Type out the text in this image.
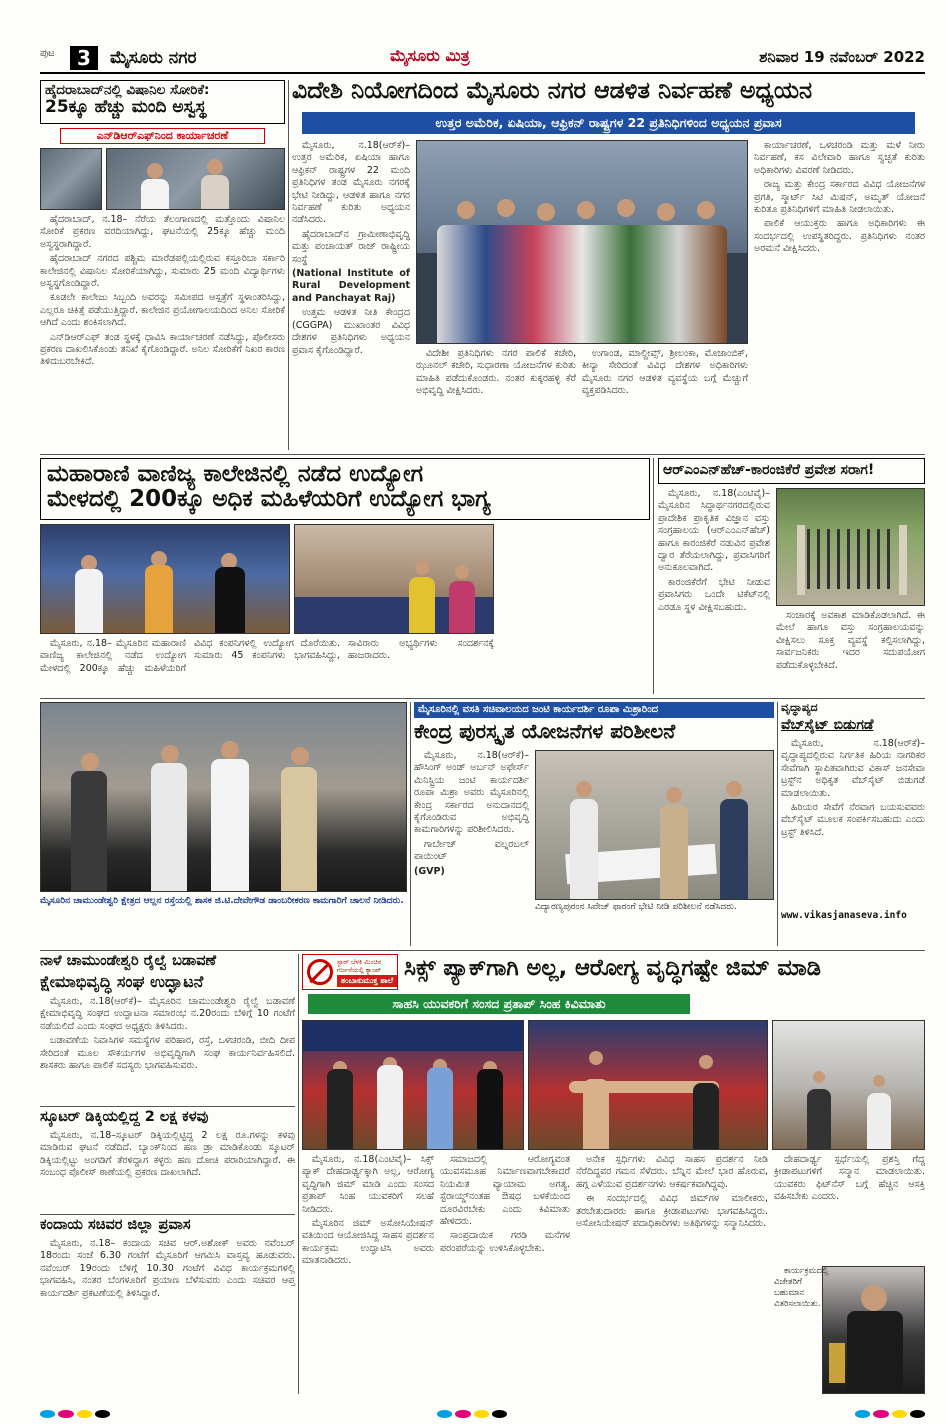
ಪುಟ	3	ಮೈಸೂರು ನಗರ	ಮೈಸೂರು ಮಿತ್ರ	ಶನಿವಾರ 19 ನವೆಂಬರ್ 2022
ಹೈದರಾಬಾದ್‌ನಲ್ಲಿ ವಿಷಾನಿಲ ಸೋರಿಕೆ:
25ಕ್ಕೂ ಹೆಚ್ಚು ಮಂದಿ ಅಸ್ವಸ್ಥ
ಎನ್‌ಡಿಆರ್‌ಎಫ್‌ನಿಂದ ಕಾರ್ಯಾಚರಣೆ

ಹೈದರಾಬಾದ್, ನ.18– ನೆರೆಯ ತೆಲಂಗಾಣದಲ್ಲಿ ಮತ್ತೊಂದು ವಿಷಾನಿಲ ಸೋರಿಕೆ ಪ್ರಕರಣ ವರದಿಯಾಗಿದ್ದು, ಘಟನೆಯಲ್ಲಿ 25ಕ್ಕೂ ಹೆಚ್ಚು ಮಂದಿ ಅಸ್ವಸ್ಥರಾಗಿದ್ದಾರೆ.

ಹೈದರಾಬಾದ್ ನಗರದ ಪಶ್ಚಿಮ ಮಾರೆಡಪಲ್ಲಿಯಲ್ಲಿರುವ ಕಸ್ತೂರಿಬಾ ಸರ್ಕಾರಿ ಕಾಲೇಜಿನಲ್ಲಿ ವಿಷಾನಿಲ ಸೋರಿಕೆಯಾಗಿದ್ದು, ಸುಮಾರು 25 ಮಂದಿ ವಿದ್ಯಾರ್ಥಿಗಳು ಅಸ್ವಸ್ಥಗೊಂಡಿದ್ದಾರೆ.

ಕೂಡಲೇ ಕಾಲೇಜು ಸಿಬ್ಬಂದಿ ಅವರನ್ನು ಸಮೀಪದ ಆಸ್ಪತ್ರೆಗೆ ಸ್ಥಳಾಂತರಿಸಿದ್ದು, ಎಲ್ಲರೂ ಚಿಕಿತ್ಸೆ ಪಡೆಯುತ್ತಿದ್ದಾರೆ. ಕಾಲೇಜಿನ ಪ್ರಯೋಗಾಲಯದಿಂದ ಅನಿಲ ಸೋರಿಕೆ ಆಗಿದೆ ಎಂದು ಶಂಕಿಸಲಾಗಿದೆ.

ಎನ್‌ಡಿಆರ್‌ಎಫ್ ತಂಡ ಸ್ಥಳಕ್ಕೆ ಧಾವಿಸಿ ಕಾರ್ಯಾಚರಣೆ ನಡೆಸಿದ್ದು, ಪೊಲೀಸರು ಪ್ರಕರಣ ದಾಖಲಿಸಿಕೊಂಡು ತನಿಖೆ ಕೈಗೊಂಡಿದ್ದಾರೆ. ಅನಿಲ ಸೋರಿಕೆಗೆ ನಿಖರ ಕಾರಣ ತಿಳಿದುಬರಬೇಕಿದೆ.

ವಿದೇಶಿ ನಿಯೋಗದಿಂದ ಮೈಸೂರು ನಗರ ಆಡಳಿತ ನಿರ್ವಹಣೆ ಅಧ್ಯಯನ
ಉತ್ತರ ಅಮೆರಿಕ, ಏಷಿಯಾ, ಆಫ್ರಿಕನ್ ರಾಷ್ಟ್ರಗಳ 22 ಪ್ರತಿನಿಧಿಗಳಿಂದ ಅಧ್ಯಯನ ಪ್ರವಾಸ

ಮೈಸೂರು, ನ.18(ಆರ್‌ಕೆ)– ಉತ್ತರ ಅಮೆರಿಕ, ಏಷಿಯಾ ಹಾಗೂ ಆಫ್ರಿಕನ್ ರಾಷ್ಟ್ರಗಳ 22 ಮಂದಿ ಪ್ರತಿನಿಧಿಗಳ ತಂಡ ಮೈಸೂರು ನಗರಕ್ಕೆ ಭೇಟಿ ನೀಡಿದ್ದು, ಆಡಳಿತ ಹಾಗೂ ನಗರ ನಿರ್ವಹಣೆ ಕುರಿತು ಅಧ್ಯಯನ ನಡೆಸಿದರು.

ಹೈದರಾಬಾದ್‌ನ ಗ್ರಾಮೀಣಾಭಿವೃದ್ಧಿ ಮತ್ತು ಪಂಚಾಯತ್ ರಾಜ್ ರಾಷ್ಟ್ರೀಯ ಸಂಸ್ಥೆ

(National Institute of Rural Development and Panchayat Raj)

ಉತ್ತಮ ಆಡಳಿತ ನೀತಿ ಕೇಂದ್ರದ (CGGPA) ಮುಖಾಂತರ ವಿವಿಧ ದೇಶಗಳ ಪ್ರತಿನಿಧಿಗಳು ಅಧ್ಯಯನ ಪ್ರವಾಸ ಕೈಗೊಂಡಿದ್ದಾರೆ.	ವಿದೇಶೀ ಪ್ರತಿನಿಧಿಗಳು ನಗರ ಪಾಲಿಕೆ ಕಚೇರಿ, ಝೂನಲ್ ಕಚೇರಿ, ಸುಧಾರಣಾ ಯೋಜನೆಗಳ ಕುರಿತು ಮಾಹಿತಿ ಪಡೆದುಕೊಂಡರು. ನಂತರ ಕುಕ್ಕರಹಳ್ಳಿ ಕೆರೆ ಅಭಿವೃದ್ಧಿ ವೀಕ್ಷಿಸಿದರು.

ಉಗಾಂಡ, ಮಾಲ್ದೀವ್ಸ್, ಶ್ರೀಲಂಕಾ, ಮೊಜಾಂಬಿಕ್, ಕೀನ್ಯಾ ಸೇರಿದಂತೆ ವಿವಿಧ ದೇಶಗಳ ಅಧಿಕಾರಿಗಳು ಮೈಸೂರು ನಗರ ಆಡಳಿತ ವ್ಯವಸ್ಥೆಯ ಬಗ್ಗೆ ಮೆಚ್ಚುಗೆ ವ್ಯಕ್ತಪಡಿಸಿದರು.

ಕಾರ್ಯಾಚರಣೆ, ಒಳಚರಂಡಿ ಮತ್ತು ಮಳೆ ನೀರು ನಿರ್ವಹಣೆ, ಕಸ ವಿಲೇವಾರಿ ಹಾಗೂ ಸ್ವಚ್ಛತೆ ಕುರಿತು ಅಧಿಕಾರಿಗಳು ವಿವರಣೆ ನೀಡಿದರು.

ರಾಜ್ಯ ಮತ್ತು ಕೇಂದ್ರ ಸರ್ಕಾರದ ವಿವಿಧ ಯೋಜನೆಗಳ ಪ್ರಗತಿ, ಸ್ಮಾರ್ಟ್ ಸಿಟಿ ಮಿಷನ್, ಅಮೃತ್ ಯೋಜನೆ ಕುರಿತೂ ಪ್ರತಿನಿಧಿಗಳಿಗೆ ಮಾಹಿತಿ ನೀಡಲಾಯಿತು.

ಪಾಲಿಕೆ ಆಯುಕ್ತರು ಹಾಗೂ ಅಧಿಕಾರಿಗಳು ಈ ಸಂದರ್ಭದಲ್ಲಿ ಉಪಸ್ಥಿತರಿದ್ದರು. ಪ್ರತಿನಿಧಿಗಳು ನಂತರ ಅರಮನೆ ವೀಕ್ಷಿಸಿದರು.

ಮಹಾರಾಣಿ ವಾಣಿಜ್ಯ ಕಾಲೇಜಿನಲ್ಲಿ ನಡೆದ ಉದ್ಯೋಗ
ಮೇಳದಲ್ಲಿ 200ಕ್ಕೂ ಅಧಿಕ ಮಹಿಳೆಯರಿಗೆ ಉದ್ಯೋಗ ಭಾಗ್ಯ

ಮೈಸೂರು, ನ.18– ಮೈಸೂರಿನ ಮಹಾರಾಣಿ ವಾಣಿಜ್ಯ ಕಾಲೇಜಿನಲ್ಲಿ ನಡೆದ ಉದ್ಯೋಗ ಮೇಳದಲ್ಲಿ 200ಕ್ಕೂ ಹೆಚ್ಚು ಮಹಿಳೆಯರಿಗೆ ವಿವಿಧ ಕಂಪನಿಗಳಲ್ಲಿ ಉದ್ಯೋಗ ದೊರೆಯಿತು. ಸುಮಾರು 45 ಕಂಪನಿಗಳು ಭಾಗವಹಿಸಿದ್ದು, ಸಾವಿರಾರು ಅಭ್ಯರ್ಥಿಗಳು ಸಂದರ್ಶನಕ್ಕೆ ಹಾಜರಾದರು.

ಆರ್‌ಎಂಎನ್‌ಹೆಚ್-ಕಾರಂಜಿಕೆರೆ ಪ್ರವೇಶ ಸರಾಗ!

ಮೈಸೂರು, ನ.18(ಎಂಟಿವೈ)– ಮೈಸೂರಿನ ಸಿದ್ಧಾರ್ಥನಗರದಲ್ಲಿರುವ ಪ್ರಾದೇಶಿಕ ಪ್ರಾಕೃತಿಕ ವಿಜ್ಞಾನ ವಸ್ತು ಸಂಗ್ರಹಾಲಯ (ಆರ್‌ಎಂಎನ್‌ಹೆಚ್) ಹಾಗೂ ಕಾರಂಜಿಕೆರೆ ನಡುವಿನ ಪ್ರವೇಶ ದ್ವಾರ ತೆರೆಯಲಾಗಿದ್ದು, ಪ್ರವಾಸಿಗರಿಗೆ ಅನುಕೂಲವಾಗಿದೆ.

ಕಾರಂಜಿಕೆರೆಗೆ ಭೇಟಿ ನೀಡುವ ಪ್ರವಾಸಿಗರು ಒಂದೇ ಟಿಕೆಟ್‌ನಲ್ಲಿ ಎರಡೂ ಸ್ಥಳ ವೀಕ್ಷಿಸಬಹುದು.

ಸಂಚಾರಕ್ಕೆ ಅವಕಾಶ ಮಾಡಿಕೊಡಲಾಗಿದೆ. ಈ ಮೇಲೆ ಹಾಗೂ ವಸ್ತು ಸಂಗ್ರಹಾಲಯವನ್ನು ವೀಕ್ಷಿಸಲು ಸೂಕ್ತ ವ್ಯವಸ್ಥೆ ಕಲ್ಪಿಸಲಾಗಿದ್ದು, ಸಾರ್ವಜನಿಕರು ಇದರ ಸದುಪಯೋಗ ಪಡೆದುಕೊಳ್ಳಬೇಕಿದೆ.

ಮೈಸೂರಿನ ಚಾಮುಂಡೇಶ್ವರಿ ಕ್ಷೇತ್ರದ ಆಲ್ಲನ ರಸ್ತೆಯಲ್ಲಿ ಶಾಸಕ ಜಿ.ಟಿ.ದೇವೇಗೌಡ ಡಾಂಬರೀಕರಣ ಕಾಮಗಾರಿಗೆ ಚಾಲನೆ ನೀಡಿದರು.
ಮೈಸೂರಿನಲ್ಲಿ ವಸತಿ ಸಚಿವಾಲಯದ ಜಂಟಿ ಕಾರ್ಯದರ್ಶಿ ರೂಪಾ ಮಿಶ್ರಾರಿಂದ
ಕೇಂದ್ರ ಪುರಸ್ಕೃತ ಯೋಜನೆಗಳ ಪರಿಶೀಲನೆ

ಮೈಸೂರು, ನ.18(ಆರ್‌ಕೆ)– ಹೌಸಿಂಗ್ ಅಂಡ್ ಅರ್ಬನ್ ಅಫೇರ್ಸ್ ಮಿನಿಸ್ಟ್ರಿಯ ಜಂಟಿ ಕಾರ್ಯದರ್ಶಿ ರೂಪಾ ಮಿಶ್ರಾ ಅವರು ಮೈಸೂರಿನಲ್ಲಿ ಕೇಂದ್ರ ಸರ್ಕಾರದ ಅನುದಾನದಲ್ಲಿ ಕೈಗೊಂಡಿರುವ ಅಭಿವೃದ್ಧಿ ಕಾಮಗಾರಿಗಳನ್ನು ಪರಿಶೀಲಿಸಿದರು.

ಗಾರ್ಬೇಜ್ ವಲ್ನರಬಲ್ ಪಾಯಿಂಟ್

(GVP)

ವಿದ್ಯಾರಣ್ಯಪುರಂನ ಸಿವೇಜ್ ಫಾರಂಗೆ ಭೇಟಿ ನೀಡಿ ಪರಿಶೀಲನೆ ನಡೆಸಿದರು.
ವೃದ್ಧಾಪ್ಯದ
ವೆಬ್‌ಸೈಟ್ ಬಿಡುಗಡೆ

ಮೈಸೂರು, ನ.18(ಆರ್‌ಕೆ)– ವೃದ್ಧಾಪ್ಯದಲ್ಲಿರುವ ನಿರ್ಗತಿಕ ಹಿರಿಯ ನಾಗರಿಕರ ಸೇವೆಗಾಗಿ ಸ್ಥಾಪಿತವಾಗಿರುವ ವಿಕಾಸ್ ಜನಸೇವಾ ಟ್ರಸ್ಟ್‌ನ ಅಧಿಕೃತ ವೆಬ್‌ಸೈಟ್ ಬಿಡುಗಡೆ ಮಾಡಲಾಯಿತು.

ಹಿರಿಯರ ಸೇವೆಗೆ ನೆರವಾಗ ಬಯಸುವವರು ವೆಬ್‌ಸೈಟ್ ಮೂಲಕ ಸಂಪರ್ಕಿಸಬಹುದು ಎಂದು ಟ್ರಸ್ಟ್ ತಿಳಿಸಿದೆ.

www.vikasjanaseva.info
ನಾಳೆ ಚಾಮುಂಡೇಶ್ವರಿ ರೈಲ್ವೆ ಬಡಾವಣೆ
ಕ್ಷೇಮಾಭಿವೃದ್ಧಿ ಸಂಘ ಉದ್ಘಾಟನೆ

ಮೈಸೂರು, ನ.18(ಆರ್‌ಕೆ)– ಮೈಸೂರಿನ ಚಾಮುಂಡೇಶ್ವರಿ ರೈಲ್ವೆ ಬಡಾವಣೆ ಕ್ಷೇಮಾಭಿವೃದ್ಧಿ ಸಂಘದ ಉದ್ಘಾಟನಾ ಸಮಾರಂಭ ನ.20ರಂದು ಬೆಳಿಗ್ಗೆ 10 ಗಂಟೆಗೆ ನಡೆಯಲಿದೆ ಎಂದು ಸಂಘದ ಅಧ್ಯಕ್ಷರು ತಿಳಿಸಿದರು.

ಬಡಾವಣೆಯ ನಿವಾಸಿಗಳ ಸಮಸ್ಯೆಗಳ ಪರಿಹಾರ, ರಸ್ತೆ, ಒಳಚರಂಡಿ, ಬೀದಿ ದೀಪ ಸೇರಿದಂತೆ ಮೂಲ ಸೌಕರ್ಯಗಳ ಅಭಿವೃದ್ಧಿಗಾಗಿ ಸಂಘ ಕಾರ್ಯನಿರ್ವಹಿಸಲಿದೆ. ಶಾಸಕರು ಹಾಗೂ ಪಾಲಿಕೆ ಸದಸ್ಯರು ಭಾಗವಹಿಸುವರು.

ಸ್ಕೂಟರ್ ಡಿಕ್ಕಿಯಲ್ಲಿದ್ದ 2 ಲಕ್ಷ ಕಳವು

ಮೈಸೂರು, ನ.18–ಸ್ಕೂಟರ್ ಡಿಕ್ಕಿಯಲ್ಲಿಟ್ಟಿದ್ದ 2 ಲಕ್ಷ ರೂ.ಗಳನ್ನು ಕಳವು ಮಾಡಿರುವ ಘಟನೆ ನಡೆದಿದೆ. ಬ್ಯಾಂಕ್‌ನಿಂದ ಹಣ ಡ್ರಾ ಮಾಡಿಕೊಂಡು ಸ್ಕೂಟರ್ ಡಿಕ್ಕಿಯಲ್ಲಿಟ್ಟು ಅಂಗಡಿಗೆ ತೆರಳಿದ್ದಾಗ ಕಳ್ಳರು ಹಣ ದೋಚಿ ಪರಾರಿಯಾಗಿದ್ದಾರೆ. ಈ ಸಂಬಂಧ ಪೊಲೀಸ್ ಠಾಣೆಯಲ್ಲಿ ಪ್ರಕರಣ ದಾಖಲಾಗಿದೆ.

ಕಂದಾಯ ಸಚಿವರ ಜಿಲ್ಲಾ ಪ್ರವಾಸ

ಮೈಸೂರು, ನ.18– ಕಂದಾಯ ಸಚಿವ ಆರ್.ಅಶೋಕ್ ಅವರು ನವೆಂಬರ್ 18ರಂದು ಸಂಜೆ 6.30 ಗಂಟೆಗೆ ಮೈಸೂರಿಗೆ ಆಗಮಿಸಿ ವಾಸ್ತವ್ಯ ಹೂಡುವರು. ನವೆಂಬರ್ 19ರಂದು ಬೆಳಿಗ್ಗೆ 10.30 ಗಂಟೆಗೆ ವಿವಿಧ ಕಾರ್ಯಕ್ರಮಗಳಲ್ಲಿ ಭಾಗವಹಿಸಿ, ನಂತರ ಬೆಂಗಳೂರಿಗೆ ಪ್ರಯಾಣ ಬೆಳೆಸುವರು ಎಂದು ಸಚಿವರ ಆಪ್ತ ಕಾರ್ಯದರ್ಶಿ ಪ್ರಕಟಣೆಯಲ್ಲಿ ತಿಳಿಸಿದ್ದಾರೆ.

ಸ್ಟಾರ್ ಬೆಳಕಿ ಮಿಂಚಿನ ಗರ್ಜನೆಯಲ್ಲಿ ಕ್ಯಾಂಪ್
ತಂಬಾಕುಮುಕ್ತ ಶಾಲೆ ಸಿಕ್ಸ್ ಪ್ಯಾಕ್‌ಗಾಗಿ ಅಲ್ಲ, ಆರೋಗ್ಯ ವೃದ್ಧಿಗಷ್ಟೇ ಜಿಮ್ ಮಾಡಿ
ಸಾಹಸಿ ಯುವಕರಿಗೆ ಸಂಸದ ಪ್ರತಾಪ್ ಸಿಂಹ ಕಿವಿಮಾತು

ಮೈಸೂರು, ನ.18(ಎಂಟಿವೈ)– ಸಿಕ್ಸ್ ಪ್ಯಾಕ್ ದೇಹದಾರ್ಢ್ಯಕ್ಕಾಗಿ ಅಲ್ಲ, ಆರೋಗ್ಯ ವೃದ್ಧಿಗಾಗಿ ಜಿಮ್ ಮಾಡಿ ಎಂದು ಸಂಸದ ಪ್ರತಾಪ್ ಸಿಂಹ ಯುವಕರಿಗೆ ಸಲಹೆ ನೀಡಿದರು.

ಮೈಸೂರಿನ ಜಿಮ್ ಅಸೋಸಿಯೇಷನ್ ವತಿಯಿಂದ ಆಯೋಜಿಸಿದ್ದ ಸಾಹಸ ಪ್ರದರ್ಶನ ಕಾರ್ಯಕ್ರಮ ಉದ್ಘಾಟಿಸಿ ಅವರು ಮಾತನಾಡಿದರು.

ಸಮಾಜದಲ್ಲಿ ಆರೋಗ್ಯವಂತ ಯುವಸಮೂಹ ನಿರ್ಮಾಣವಾಗಬೇಕಾದರೆ ನಿಯಮಿತ ವ್ಯಾಯಾಮ ಅಗತ್ಯ. ಸ್ಟೆರಾಯ್ಡ್‌ನಂತಹ ಔಷಧ ಬಳಕೆಯಿಂದ ದೂರವಿರಬೇಕು ಎಂದು ಕಿವಿಮಾತು ಹೇಳಿದರು.

ಸಾಂಪ್ರದಾಯಿಕ ಗರಡಿ ಮನೆಗಳ ಪರಂಪರೆಯನ್ನು ಉಳಿಸಿಕೊಳ್ಳಬೇಕು.

ಅನೇಕ ಸ್ಪರ್ಧಿಗಳು ವಿವಿಧ ಸಾಹಸ ಪ್ರದರ್ಶನ ನೀಡಿ ನೆರೆದಿದ್ದವರ ಗಮನ ಸೆಳೆದರು. ಬೆನ್ನಿನ ಮೇಲೆ ಭಾರ ಹೊರುವ, ಹಗ್ಗ ಎಳೆಯುವ ಪ್ರದರ್ಶನಗಳು ಆಕರ್ಷಕವಾಗಿದ್ದವು.

ಈ ಸಂದರ್ಭದಲ್ಲಿ ವಿವಿಧ ಜಿಮ್‌ಗಳ ಮಾಲೀಕರು, ತರಬೇತುದಾರರು ಹಾಗೂ ಕ್ರೀಡಾಪಟುಗಳು ಭಾಗವಹಿಸಿದ್ದರು. ಅಸೋಸಿಯೇಷನ್ ಪದಾಧಿಕಾರಿಗಳು ಅತಿಥಿಗಳನ್ನು ಸನ್ಮಾನಿಸಿದರು.

ದೇಹದಾರ್ಢ್ಯ ಸ್ಪರ್ಧೆಯಲ್ಲಿ ಪ್ರಶಸ್ತಿ ಗೆದ್ದ ಕ್ರೀಡಾಪಟುಗಳಿಗೆ ಸನ್ಮಾನ ಮಾಡಲಾಯಿತು. ಯುವಕರು ಫಿಟ್‌ನೆಸ್ ಬಗ್ಗೆ ಹೆಚ್ಚಿನ ಆಸಕ್ತಿ ವಹಿಸಬೇಕು ಎಂದರು.

ಕಾರ್ಯಕ್ರಮದಲ್ಲಿ ವಿಜೇತರಿಗೆ ಬಹುಮಾನ ವಿತರಿಸಲಾಯಿತು.
